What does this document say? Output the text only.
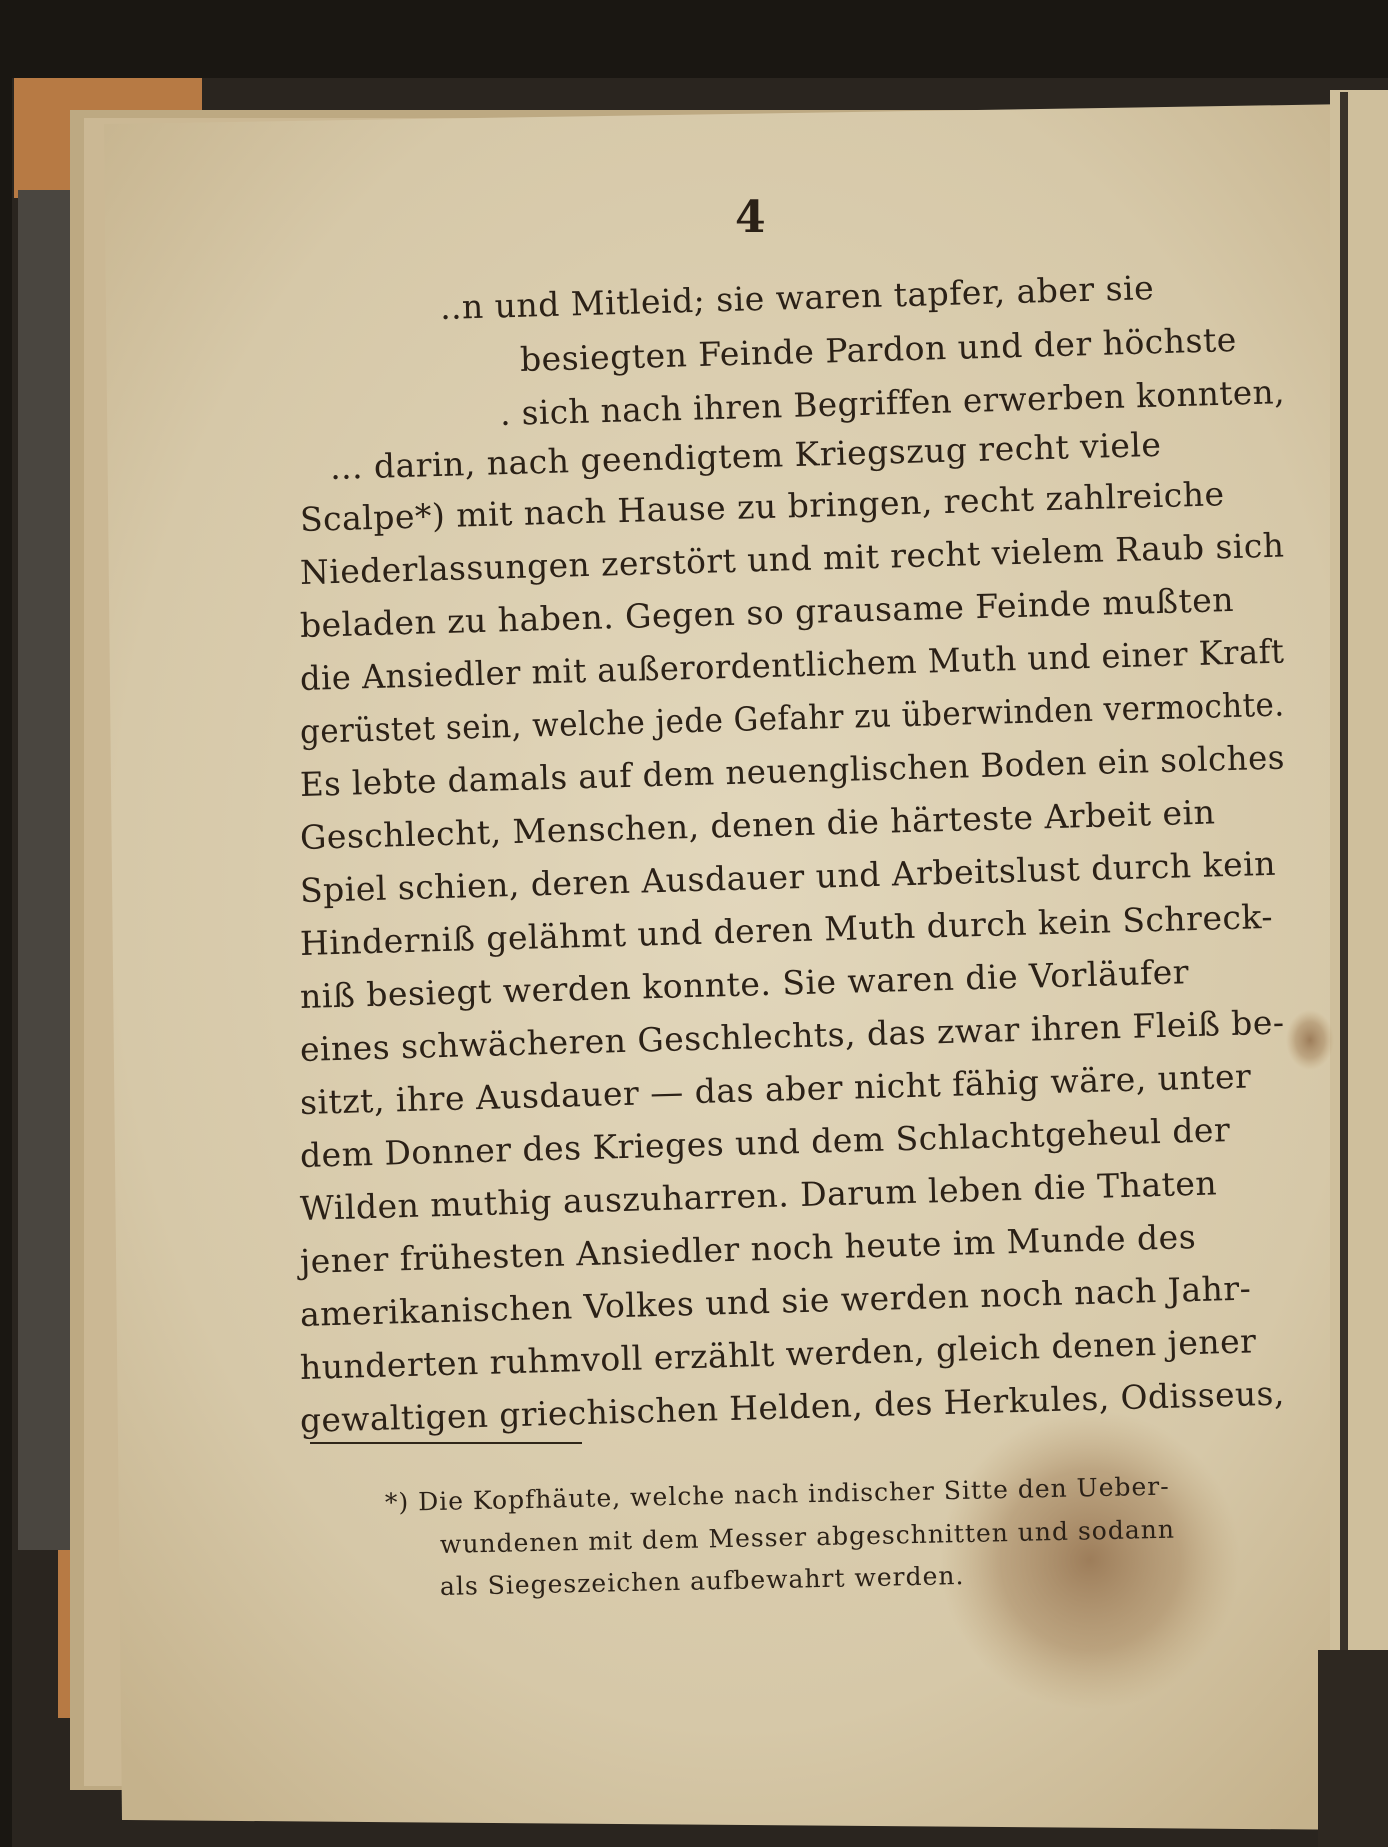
4
..n und Mitleid; sie waren tapfer, aber sie
besiegten Feinde Pardon und der höchste
. sich nach ihren Begriffen erwerben konnten,
... darin, nach geendigtem Kriegszug recht viele
Scalpe*) mit nach Hause zu bringen, recht zahlreiche
Niederlassungen zerstört und mit recht vielem Raub sich
beladen zu haben. Gegen so grausame Feinde mußten
die Ansiedler mit außerordentlichem Muth und einer Kraft
gerüstet sein, welche jede Gefahr zu überwinden vermochte.
Es lebte damals auf dem neuenglischen Boden ein solches
Geschlecht, Menschen, denen die härteste Arbeit ein
Spiel schien, deren Ausdauer und Arbeitslust durch kein
Hinderniß gelähmt und deren Muth durch kein Schreck-
niß besiegt werden konnte. Sie waren die Vorläufer
eines schwächeren Geschlechts, das zwar ihren Fleiß be-
sitzt, ihre Ausdauer — das aber nicht fähig wäre, unter
dem Donner des Krieges und dem Schlachtgeheul der
Wilden muthig auszuharren. Darum leben die Thaten
jener frühesten Ansiedler noch heute im Munde des
amerikanischen Volkes und sie werden noch nach Jahr-
hunderten ruhmvoll erzählt werden, gleich denen jener
gewaltigen griechischen Helden, des Herkules, Odisseus,
*) Die Kopfhäute, welche nach indischer Sitte den Ueber-
wundenen mit dem Messer abgeschnitten und sodann
als Siegeszeichen aufbewahrt werden.
